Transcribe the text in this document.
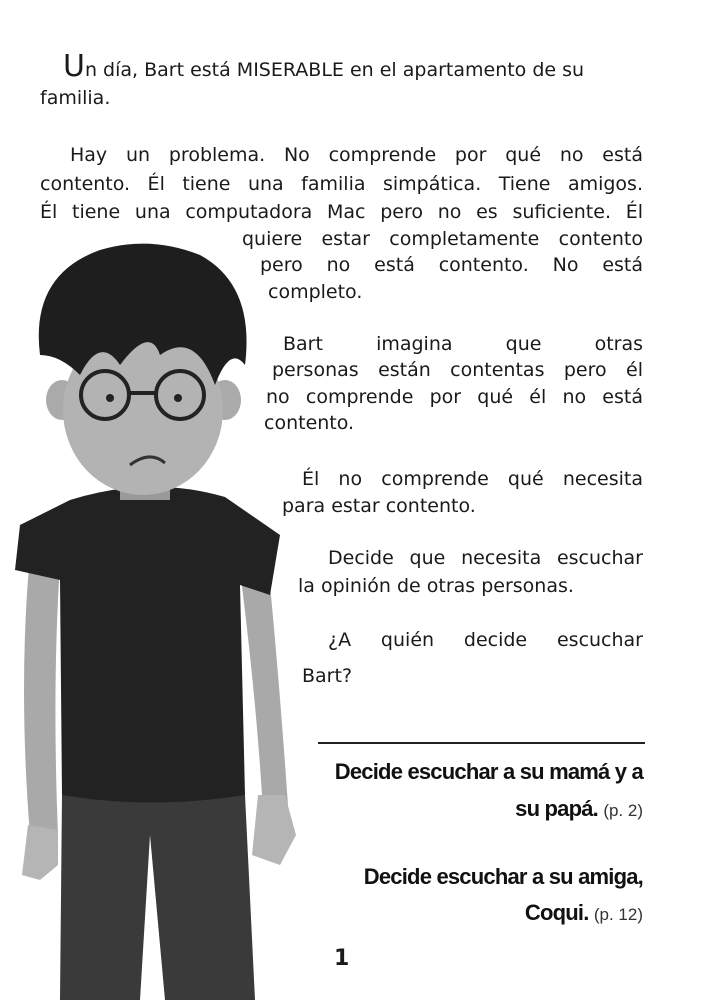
Un día, Bart está MISERABLE en el apartamento de su
familia.
Hay un problema. No comprende por qué no está
contento. Él tiene una familia simpática. Tiene amigos.
Él tiene una computadora Mac pero no es suficiente. Él
quiere estar completamente contento
pero no está contento. No está
completo.
Bart imagina que otras
personas están contentas pero él
no comprende por qué él no está
contento.
Él no comprende qué necesita
para estar contento.
Decide que necesita escuchar
la opinión de otras personas.
¿A quién decide escuchar
Bart?
Decide escuchar a su mamá y a
su papá. (p. 2)
Decide escuchar a su amiga,
Coqui. (p. 12)
1
